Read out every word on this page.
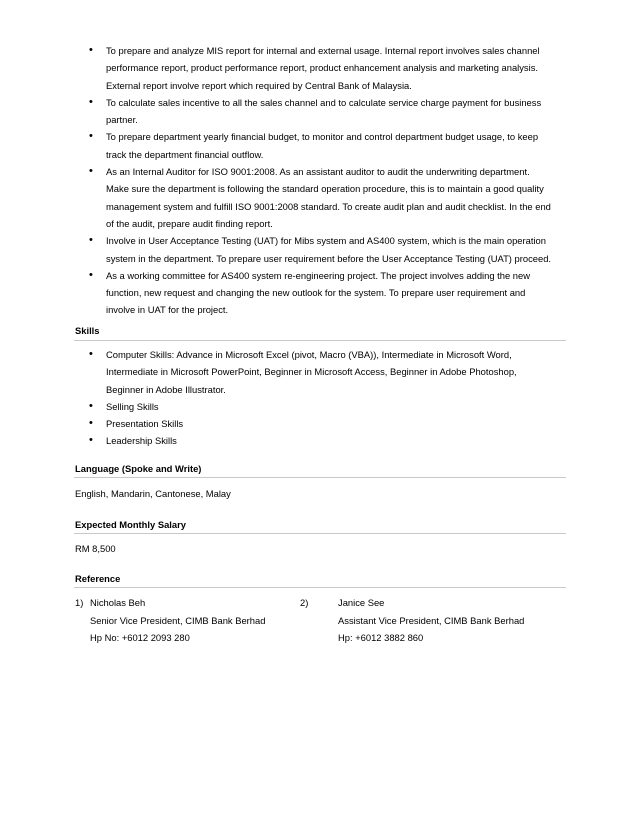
• To prepare and analyze MIS report for internal and external usage. Internal report involves sales channel performance report, product performance report, product enhancement analysis and marketing analysis. External report involve report which required by Central Bank of Malaysia.
• To calculate sales incentive to all the sales channel and to calculate service charge payment for business partner.
• To prepare department yearly financial budget, to monitor and control department budget usage, to keep track the department financial outflow.
• As an Internal Auditor for ISO 9001:2008. As an assistant auditor to audit the underwriting department. Make sure the department is following the standard operation procedure, this is to maintain a good quality management system and fulfill ISO 9001:2008 standard. To create audit plan and audit checklist. In the end of the audit, prepare audit finding report.
• Involve in User Acceptance Testing (UAT) for Mibs system and AS400 system, which is the main operation system in the department. To prepare user requirement before the User Acceptance Testing (UAT) proceed.
• As a working committee for AS400 system re-engineering project. The project involves adding the new function, new request and changing the new outlook for the system. To prepare user requirement and involve in UAT for the project.
Skills
• Computer Skills: Advance in Microsoft Excel (pivot, Macro (VBA)), Intermediate in Microsoft Word, Intermediate in Microsoft PowerPoint, Beginner in Microsoft Access, Beginner in Adobe Photoshop, Beginner in Adobe Illustrator.
• Selling Skills
• Presentation Skills
• Leadership Skills
Language (Spoke and Write)
English, Mandarin, Cantonese, Malay
Expected Monthly Salary
RM 8,500
Reference
1) Nicholas Beh
Senior Vice President, CIMB Bank Berhad
Hp No: +6012 2093 280
2)	Janice See
Assistant Vice President, CIMB Bank Berhad
Hp: +6012 3882 860
